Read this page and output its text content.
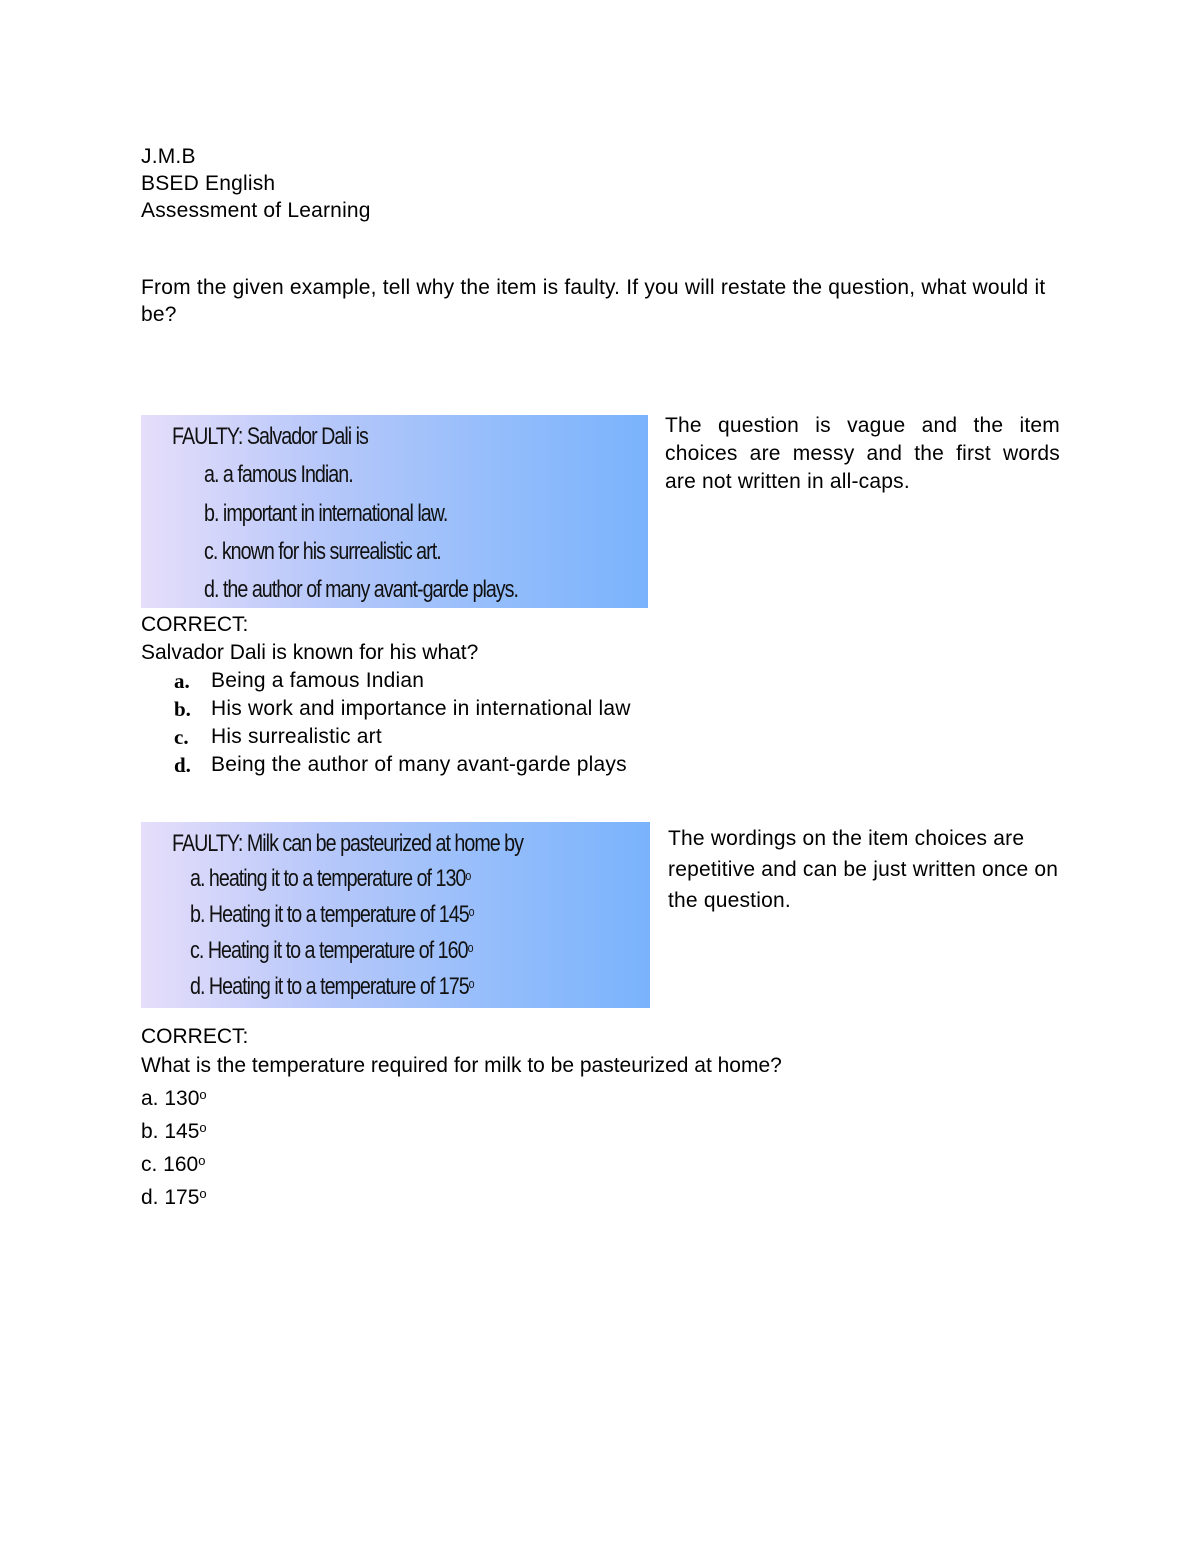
J.M.B
BSED English
Assessment of Learning
From the given example, tell why the item is faulty. If you will restate the question, what would it be?
FAULTY: Salvador Dali is
a. a famous Indian.
b. important in international law.
c. known for his surrealistic art.
d. the author of many avant-garde plays.
The question is vague and the item choices are messy and the first words are not written in all-caps.
CORRECT:
Salvador Dali is known for his what?
a. Being a famous Indian
b. His work and importance in international law
c. His surrealistic art
d. Being the author of many avant-garde plays
FAULTY: Milk can be pasteurized at home by
a. heating it to a temperature of 130$^o$
b. Heating it to a temperature of 145$^o$
c. Heating it to a temperature of 160$^o$
d. Heating it to a temperature of 175$^o$
The wordings on the item choices are repetitive and can be just written once on the question.
CORRECT:
What is the temperature required for milk to be pasteurized at home?
a. 130$^o$
b. 145$^o$
c. 160$^o$
d. 175$^o$
